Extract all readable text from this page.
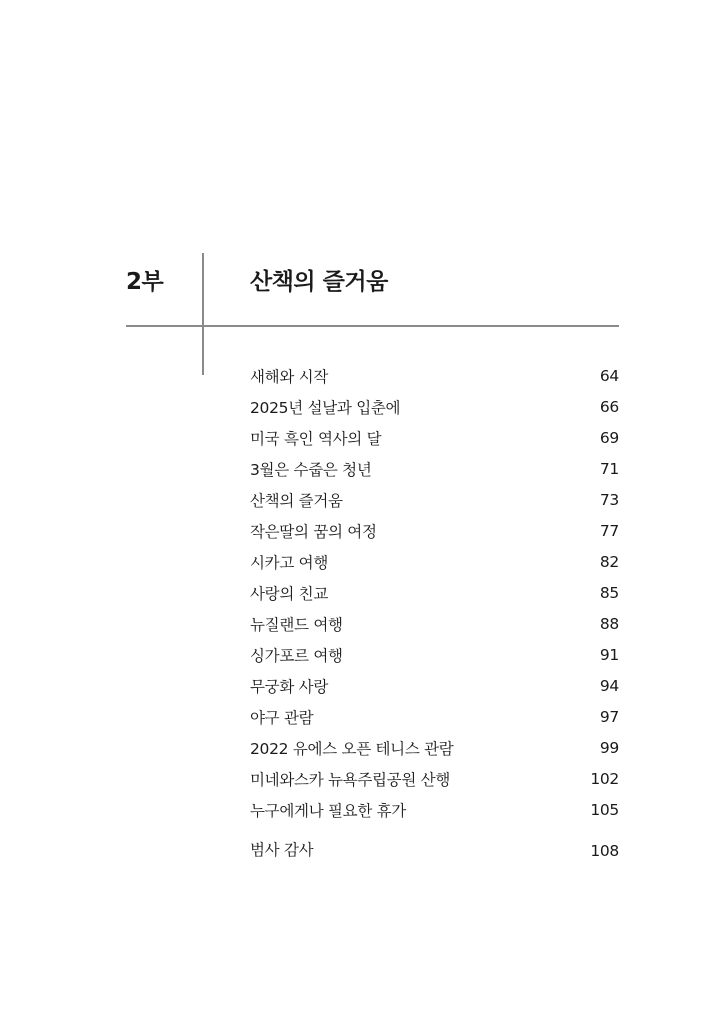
2부	산책의 즐거움
새해와 시작	64
2025년 설날과 입춘에	66
미국 흑인 역사의 달	69
3월은 수줍은 청년	71
산책의 즐거움	73
작은딸의 꿈의 여정	77
시카고 여행	82
사랑의 친교	85
뉴질랜드 여행	88
싱가포르 여행	91
무궁화 사랑	94
야구 관람	97
2022 유에스 오픈 테니스 관람	99
미네와스카 뉴욕주립공원 산행	102
누구에게나 필요한 휴가	105
범사 감사	108
